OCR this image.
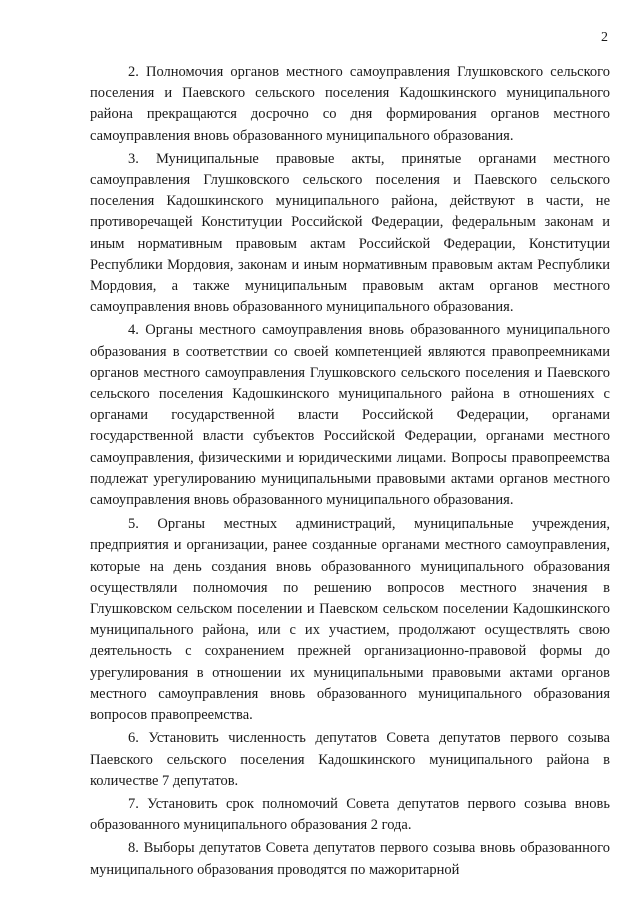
2

2. Полномочия органов местного самоуправления Глушковского сельского поселения и Паевского сельского поселения Кадошкинского муниципального района прекращаются досрочно со дня формирования органов местного самоуправления вновь образованного муниципального образования.

3. Муниципальные правовые акты, принятые органами местного самоуправления Глушковского сельского поселения и Паевского сельского поселения Кадошкинского муниципального района, действуют в части, не противоречащей Конституции Российской Федерации, федеральным законам и иным нормативным правовым актам Российской Федерации, Конституции Республики Мордовия, законам и иным нормативным правовым актам Республики Мордовия, а также муниципальным правовым актам органов местного самоуправления вновь образованного муниципального образования.

4. Органы местного самоуправления вновь образованного муниципального образования в соответствии со своей компетенцией являются правопреемниками органов местного самоуправления Глушковского сельского поселения и Паевского сельского поселения Кадошкинского муниципального района в отношениях с органами государственной власти Российской Федерации, органами государственной власти субъектов Российской Федерации, органами местного самоуправления, физическими и юридическими лицами. Вопросы правопреемства подлежат урегулированию муниципальными правовыми актами органов местного самоуправления вновь образованного муниципального образования.

5. Органы местных администраций, муниципальные учреждения, предприятия и организации, ранее созданные органами местного самоуправления, которые на день создания вновь образованного муниципального образования осуществляли полномочия по решению вопросов местного значения в Глушковском сельском поселении и Паевском сельском поселении Кадошкинского муниципального района, или с их участием, продолжают осуществлять свою деятельность с сохранением прежней организационно-правовой формы до урегулирования в отношении их муниципальными правовыми актами органов местного самоуправления вновь образованного муниципального образования вопросов правопреемства.

6. Установить численность депутатов Совета депутатов первого созыва Паевского сельского поселения Кадошкинского муниципального района в количестве 7 депутатов.

7. Установить срок полномочий Совета депутатов первого созыва вновь образованного муниципального образования 2 года.

8. Выборы депутатов Совета депутатов первого созыва вновь образованного муниципального образования проводятся по мажоритарной
